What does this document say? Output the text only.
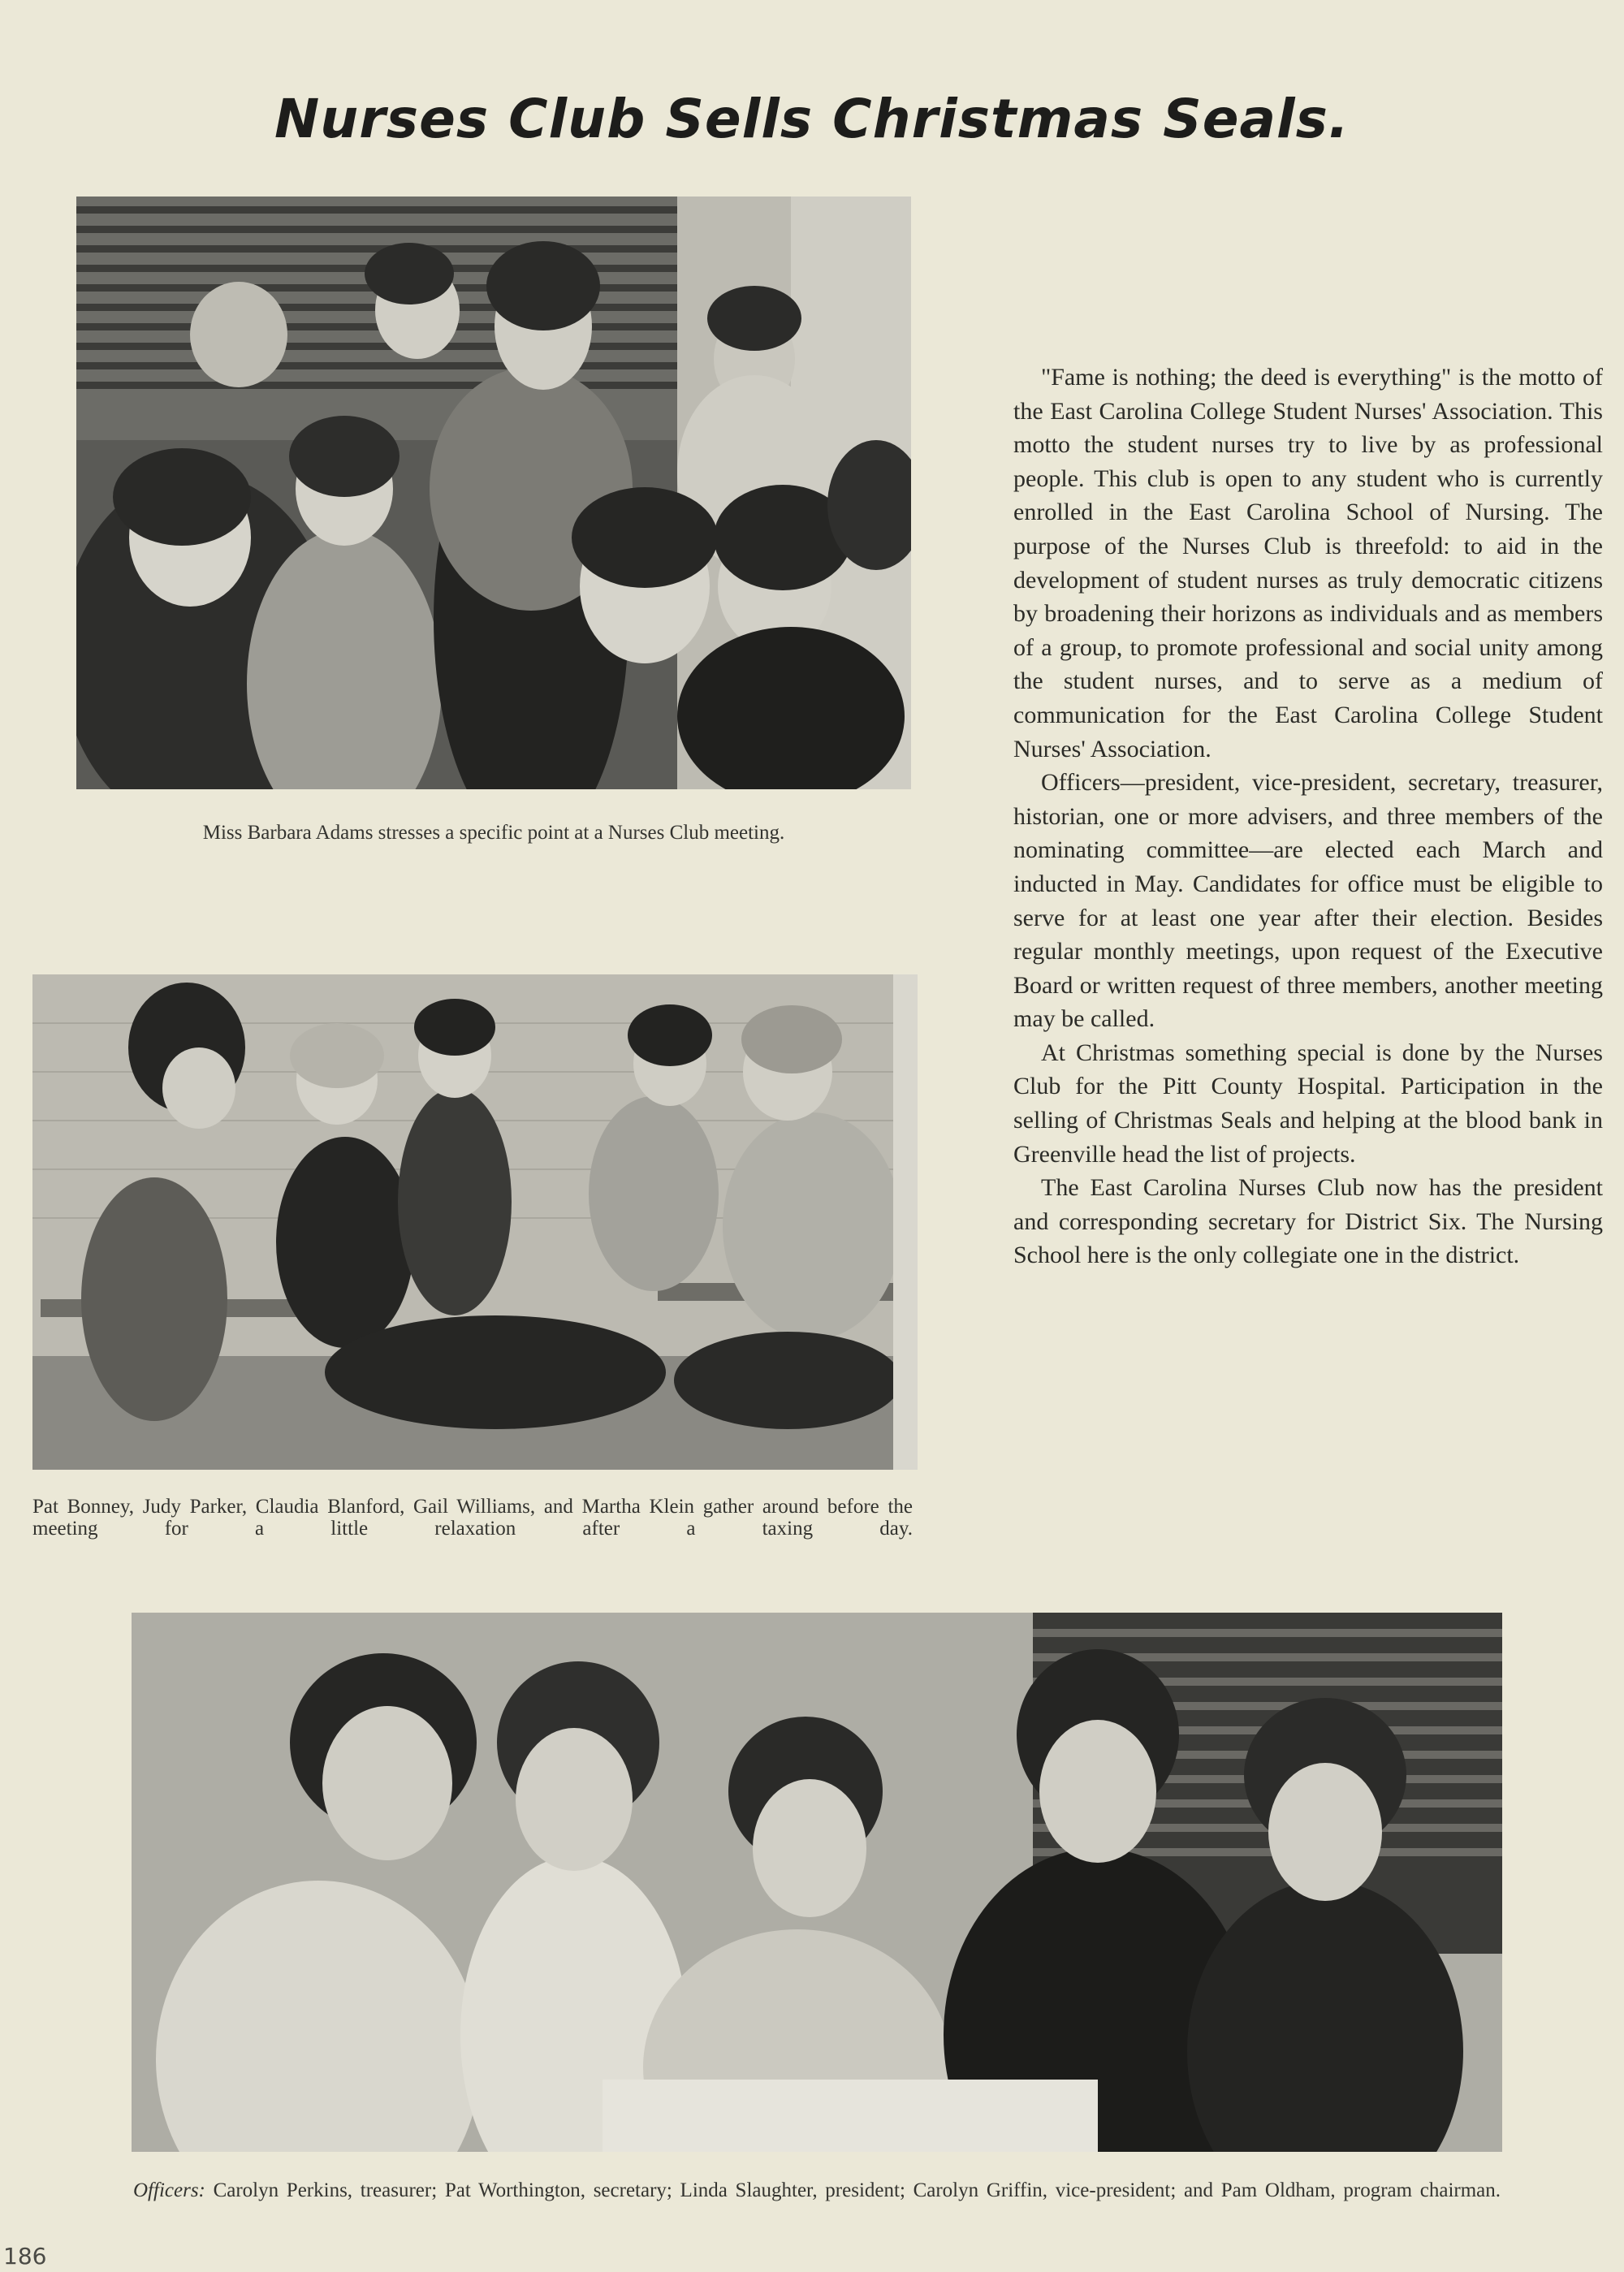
Nurses Club Sells Christmas Seals.

Miss Barbara Adams stresses a specific point at a Nurses Club meeting.

Pat Bonney, Judy Parker, Claudia Blanford, Gail Williams, and Martha Klein gather around before the meeting for a little relaxation after a taxing day.

Officers: Carolyn Perkins, treasurer; Pat Worthington, secretary; Linda Slaughter, president; Carolyn Griffin, vice-president; and Pam Oldham, program chairman.

"Fame is nothing; the deed is everything" is the motto of the East Carolina College Student Nurses' Association. This motto the student nurses try to live by as professional people. This club is open to any student who is currently enrolled in the East Carolina School of Nursing. The purpose of the Nurses Club is threefold: to aid in the development of student nurses as truly democratic citizens by broadening their horizons as individuals and as members of a group, to promote professional and social unity among the student nurses, and to serve as a medium of communication for the East Carolina College Student Nurses' Association.

Officers—president, vice-president, secretary, treasurer, historian, one or more advisers, and three members of the nominating committee—are elected each March and inducted in May. Candidates for office must be eligible to serve for at least one year after their election. Besides regular monthly meetings, upon request of the Executive Board or written request of three members, another meeting may be called.

At Christmas something special is done by the Nurses Club for the Pitt County Hospital. Participation in the selling of Christmas Seals and helping at the blood bank in Greenville head the list of projects.

The East Carolina Nurses Club now has the president and corresponding secretary for District Six. The Nursing School here is the only collegiate one in the district.

186
